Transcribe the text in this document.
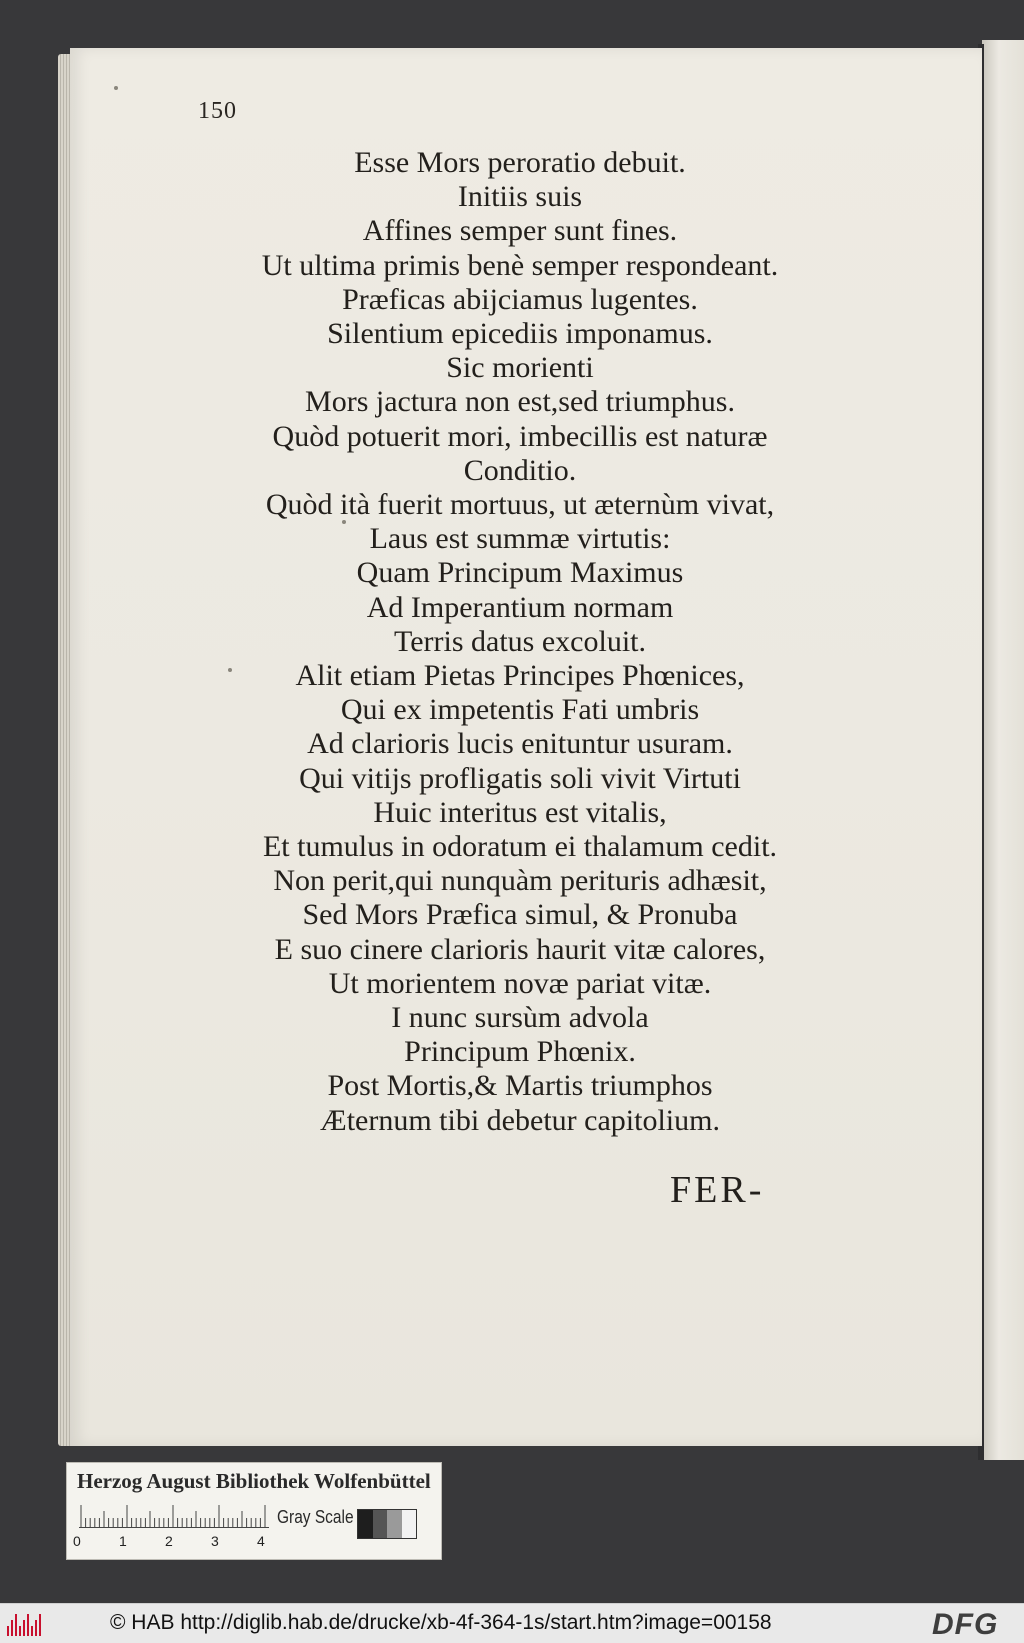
150
Esse Mors peroratio debuit.
Initiis suis
Affines semper sunt fines.
Ut ultima primis benè semper respondeant.
Præficas abijciamus lugentes.
Silentium epicediis imponamus.
Sic morienti
Mors jactura non est,sed triumphus.
Quòd potuerit mori, imbecillis est naturæ
Conditio.
Quòd ità fuerit mortuus, ut æternùm vivat,
Laus est summæ virtutis:
Quam Principum Maximus
Ad Imperantium normam
Terris datus excoluit.
Alit etiam Pietas Principes Phœnices,
Qui ex impetentis Fati umbris
Ad clarioris lucis enituntur usuram.
Qui vitijs profligatis soli vivit Virtuti
Huic interitus est vitalis,
Et tumulus in odoratum ei thalamum cedit.
Non perit,qui nunquàm perituris adhæsit,
Sed Mors Præfica simul, & Pronuba
E suo cinere clarioris haurit vitæ calores,
Ut morientem novæ pariat vitæ.
I nunc sursùm advola
Principum Phœnix.
Post Mortis,& Martis triumphos
Æternum tibi debetur capitolium.
FER-
Herzog August Bibliothek Wolfenbüttel
0	1	2	3	4
Gray Scale
© HAB http://diglib.hab.de/drucke/xb-4f-364-1s/start.htm?image=00158	DFG
